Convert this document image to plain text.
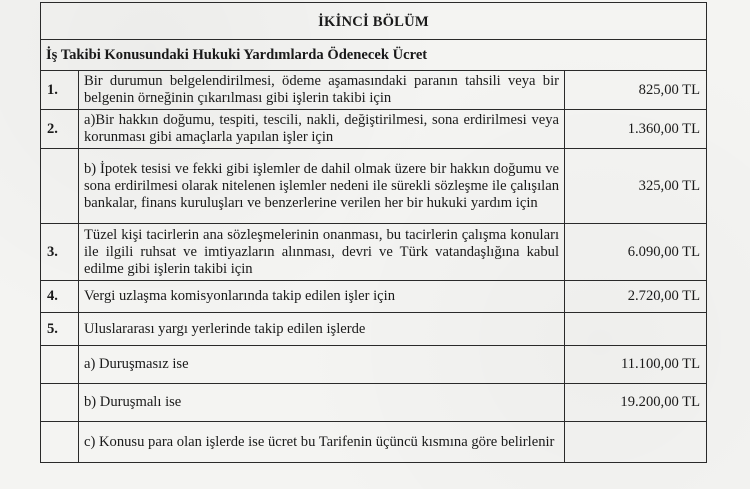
İKİNCİ BÖLÜM		
İş Takibi Konusundaki Hukuki Yardımlarda Ödenecek Ücret		
1.	Bir durumun belgelendirilmesi, ödeme aşamasındaki paranın tahsili veya bir belgenin örneğinin çıkarılması gibi işlerin takibi için	825,00 TL
2.	a)Bir hakkın doğumu, tespiti, tescili, nakli, değiştirilmesi, sona erdirilmesi veya korunması gibi amaçlarla yapılan işler için	1.360,00 TL
	b) İpotek tesisi ve fekki gibi işlemler de dahil olmak üzere bir hakkın doğumu ve sona erdirilmesi olarak nitelenen işlemler nedeni ile sürekli sözleşme ile çalışılan bankalar, finans kuruluşları ve benzerlerine verilen her bir hukuki yardım için	325,00 TL
3.	Tüzel kişi tacirlerin ana sözleşmelerinin onanması, bu tacirlerin çalışma konuları ile ilgili ruhsat ve imtiyazların alınması, devri ve Türk vatandaşlığına kabul edilme gibi işlerin takibi için	6.090,00 TL
4.	Vergi uzlaşma komisyonlarında takip edilen işler için	2.720,00 TL
5.	Uluslararası yargı yerlerinde takip edilen işlerde	
	a) Duruşmasız ise	11.100,00 TL
	b) Duruşmalı ise	19.200,00 TL
	c) Konusu para olan işlerde ise ücret bu Tarifenin üçüncü kısmına göre belirlenir	
